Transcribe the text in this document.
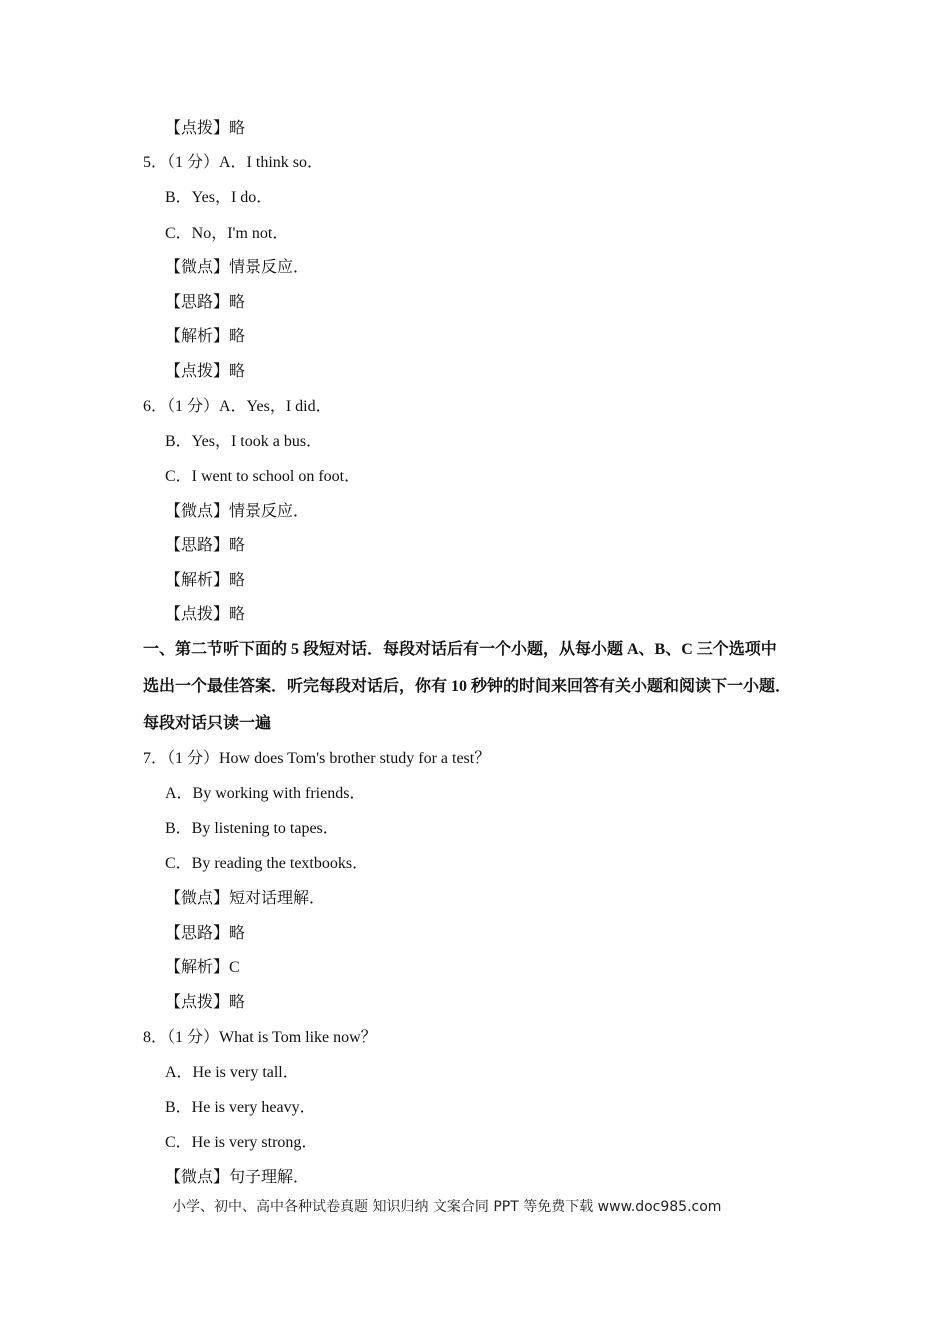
【点拨】略
5．（1 分）A．I think so．
B．Yes，I do．
C．No，I'm not．
【微点】情景反应．
【思路】略
【解析】略
【点拨】略
6．（1 分）A．Yes，I did．
B．Yes，I took a bus．
C．I went to school on foot．
【微点】情景反应．
【思路】略
【解析】略
【点拨】略
一、第二节听下面的 5 段短对话．每段对话后有一个小题，从每小题 A、B、C 三个选项中
选出一个最佳答案．听完每段对话后，你有 10 秒钟的时间来回答有关小题和阅读下一小题．
每段对话只读一遍
7．（1 分）How does Tom's brother study for a test？
A．By working with friends．
B．By listening to tapes．
C．By reading the textbooks．
【微点】短对话理解．
【思路】略
【解析】C
【点拨】略
8．（1 分）What is Tom like now？
A．He is very tall．
B．He is very heavy．
C．He is very strong．
【微点】句子理解．
小学、初中、高中各种试卷真题 知识归纳 文案合同 PPT 等免费下载 www.doc985.com
